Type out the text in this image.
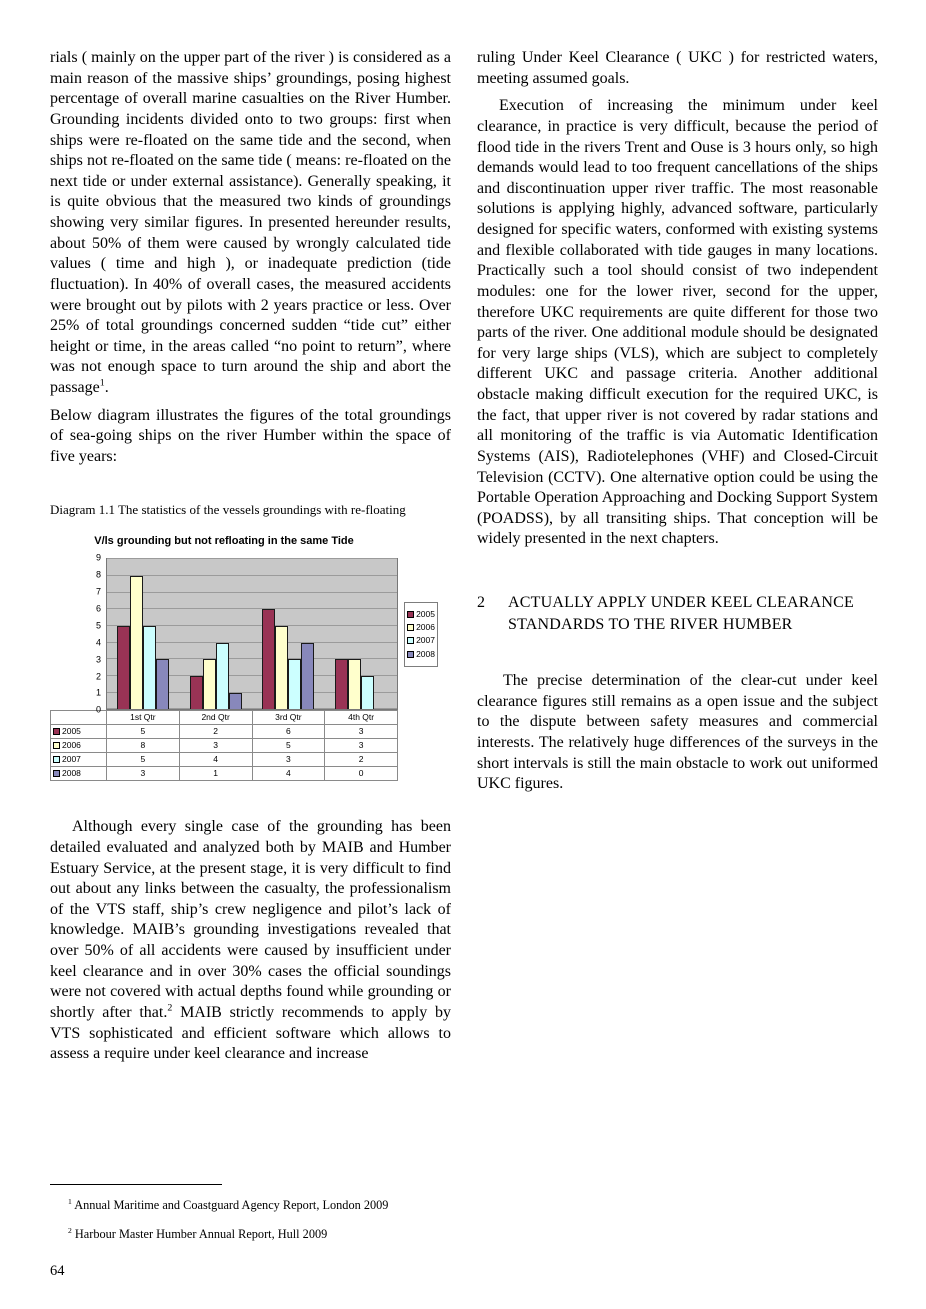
rials ( mainly on the upper part of the river ) is considered as a main reason of the massive ships’ groundings, posing highest percentage of overall marine casualties on the River Humber. Grounding incidents divided onto to two groups: first when ships were re-floated on the same tide and the second, when ships not re-floated on the same tide ( means: re-floated on the next tide or under external assistance). Generally speaking, it is quite obvious that the measured two kinds of groundings showing very similar figures. In presented hereunder results, about 50% of them were caused by wrongly calculated tide values ( time and high ), or inadequate prediction (tide fluctuation). In 40% of overall cases, the measured accidents were brought out by pilots with 2 years practice or less. Over 25% of total groundings concerned sudden “tide cut” either height or time, in the areas called “no point to return”, where was not enough space to turn around the ship and abort the passage$^1$.

Below diagram illustrates the figures of the total groundings of sea-going ships on the river Humber within the space of five years:

Diagram 1.1 The statistics of the vessels groundings with re-floating

V/ls grounding but not refloating in the same Tide
0
1
2
3
4
5
6
7
8
9
2005
2006
2007
2008
	1st Qtr	2nd Qtr	3rd Qtr	4th Qtr

2005	5	2	6	3

2006	8	3	5	3

2007	5	4	3	2

2008	3	1	4	0

Although every single case of the grounding has been detailed evaluated and analyzed both by MAIB and Humber Estuary Service, at the present stage, it is very difficult to find out about any links between the casualty, the professionalism of the VTS staff, ship’s crew negligence and pilot’s lack of knowledge. MAIB’s grounding investigations revealed that over 50% of all accidents were caused by insufficient under keel clearance and in over 30% cases the official soundings were not covered with actual depths found while grounding or shortly after that.$^2$ MAIB strictly recommends to apply by VTS sophisticated and efficient software which allows to assess a require under keel clearance and increase

ruling Under Keel Clearance ( UKC ) for restricted waters, meeting assumed goals.

Execution of increasing the minimum under keel clearance, in practice is very difficult, because the period of flood tide in the rivers Trent and Ouse is 3 hours only, so high demands would lead to too frequent cancellations of the ships and discontinuation upper river traffic. The most reasonable solutions is applying highly, advanced software, particularly designed for specific waters, conformed with existing systems and flexible collaborated with tide gauges in many locations. Practically such a tool should consist of two independent modules: one for the lower river, second for the upper, therefore UKC requirements are quite different for those two parts of the river. One additional module should be designated for very large ships (VLS), which are subject to completely different UKC and passage criteria. Another additional obstacle making difficult execution for the required UKC, is the fact, that upper river is not covered by radar stations and all monitoring of the traffic is via Automatic Identification Systems (AIS), Radiotelephones (VHF) and Closed-Circuit Television (CCTV). One alternative option could be using the Portable Operation Approaching and Docking Support System (POADSS), by all transiting ships. That conception will be widely presented in the next chapters.

2 ACTUALLY APPLY UNDER KEEL CLEARANCE STANDARDS TO THE RIVER HUMBER

The precise determination of the clear-cut under keel clearance figures still remains as a open issue and the subject to the dispute between safety measures and commercial interests. The relatively huge differences of the surveys in the short intervals is still the main obstacle to work out uniformed UKC figures.

$^1$ Annual Maritime and Coastguard Agency Report, London 2009
$^2$ Harbour Master Humber Annual Report, Hull 2009
64
